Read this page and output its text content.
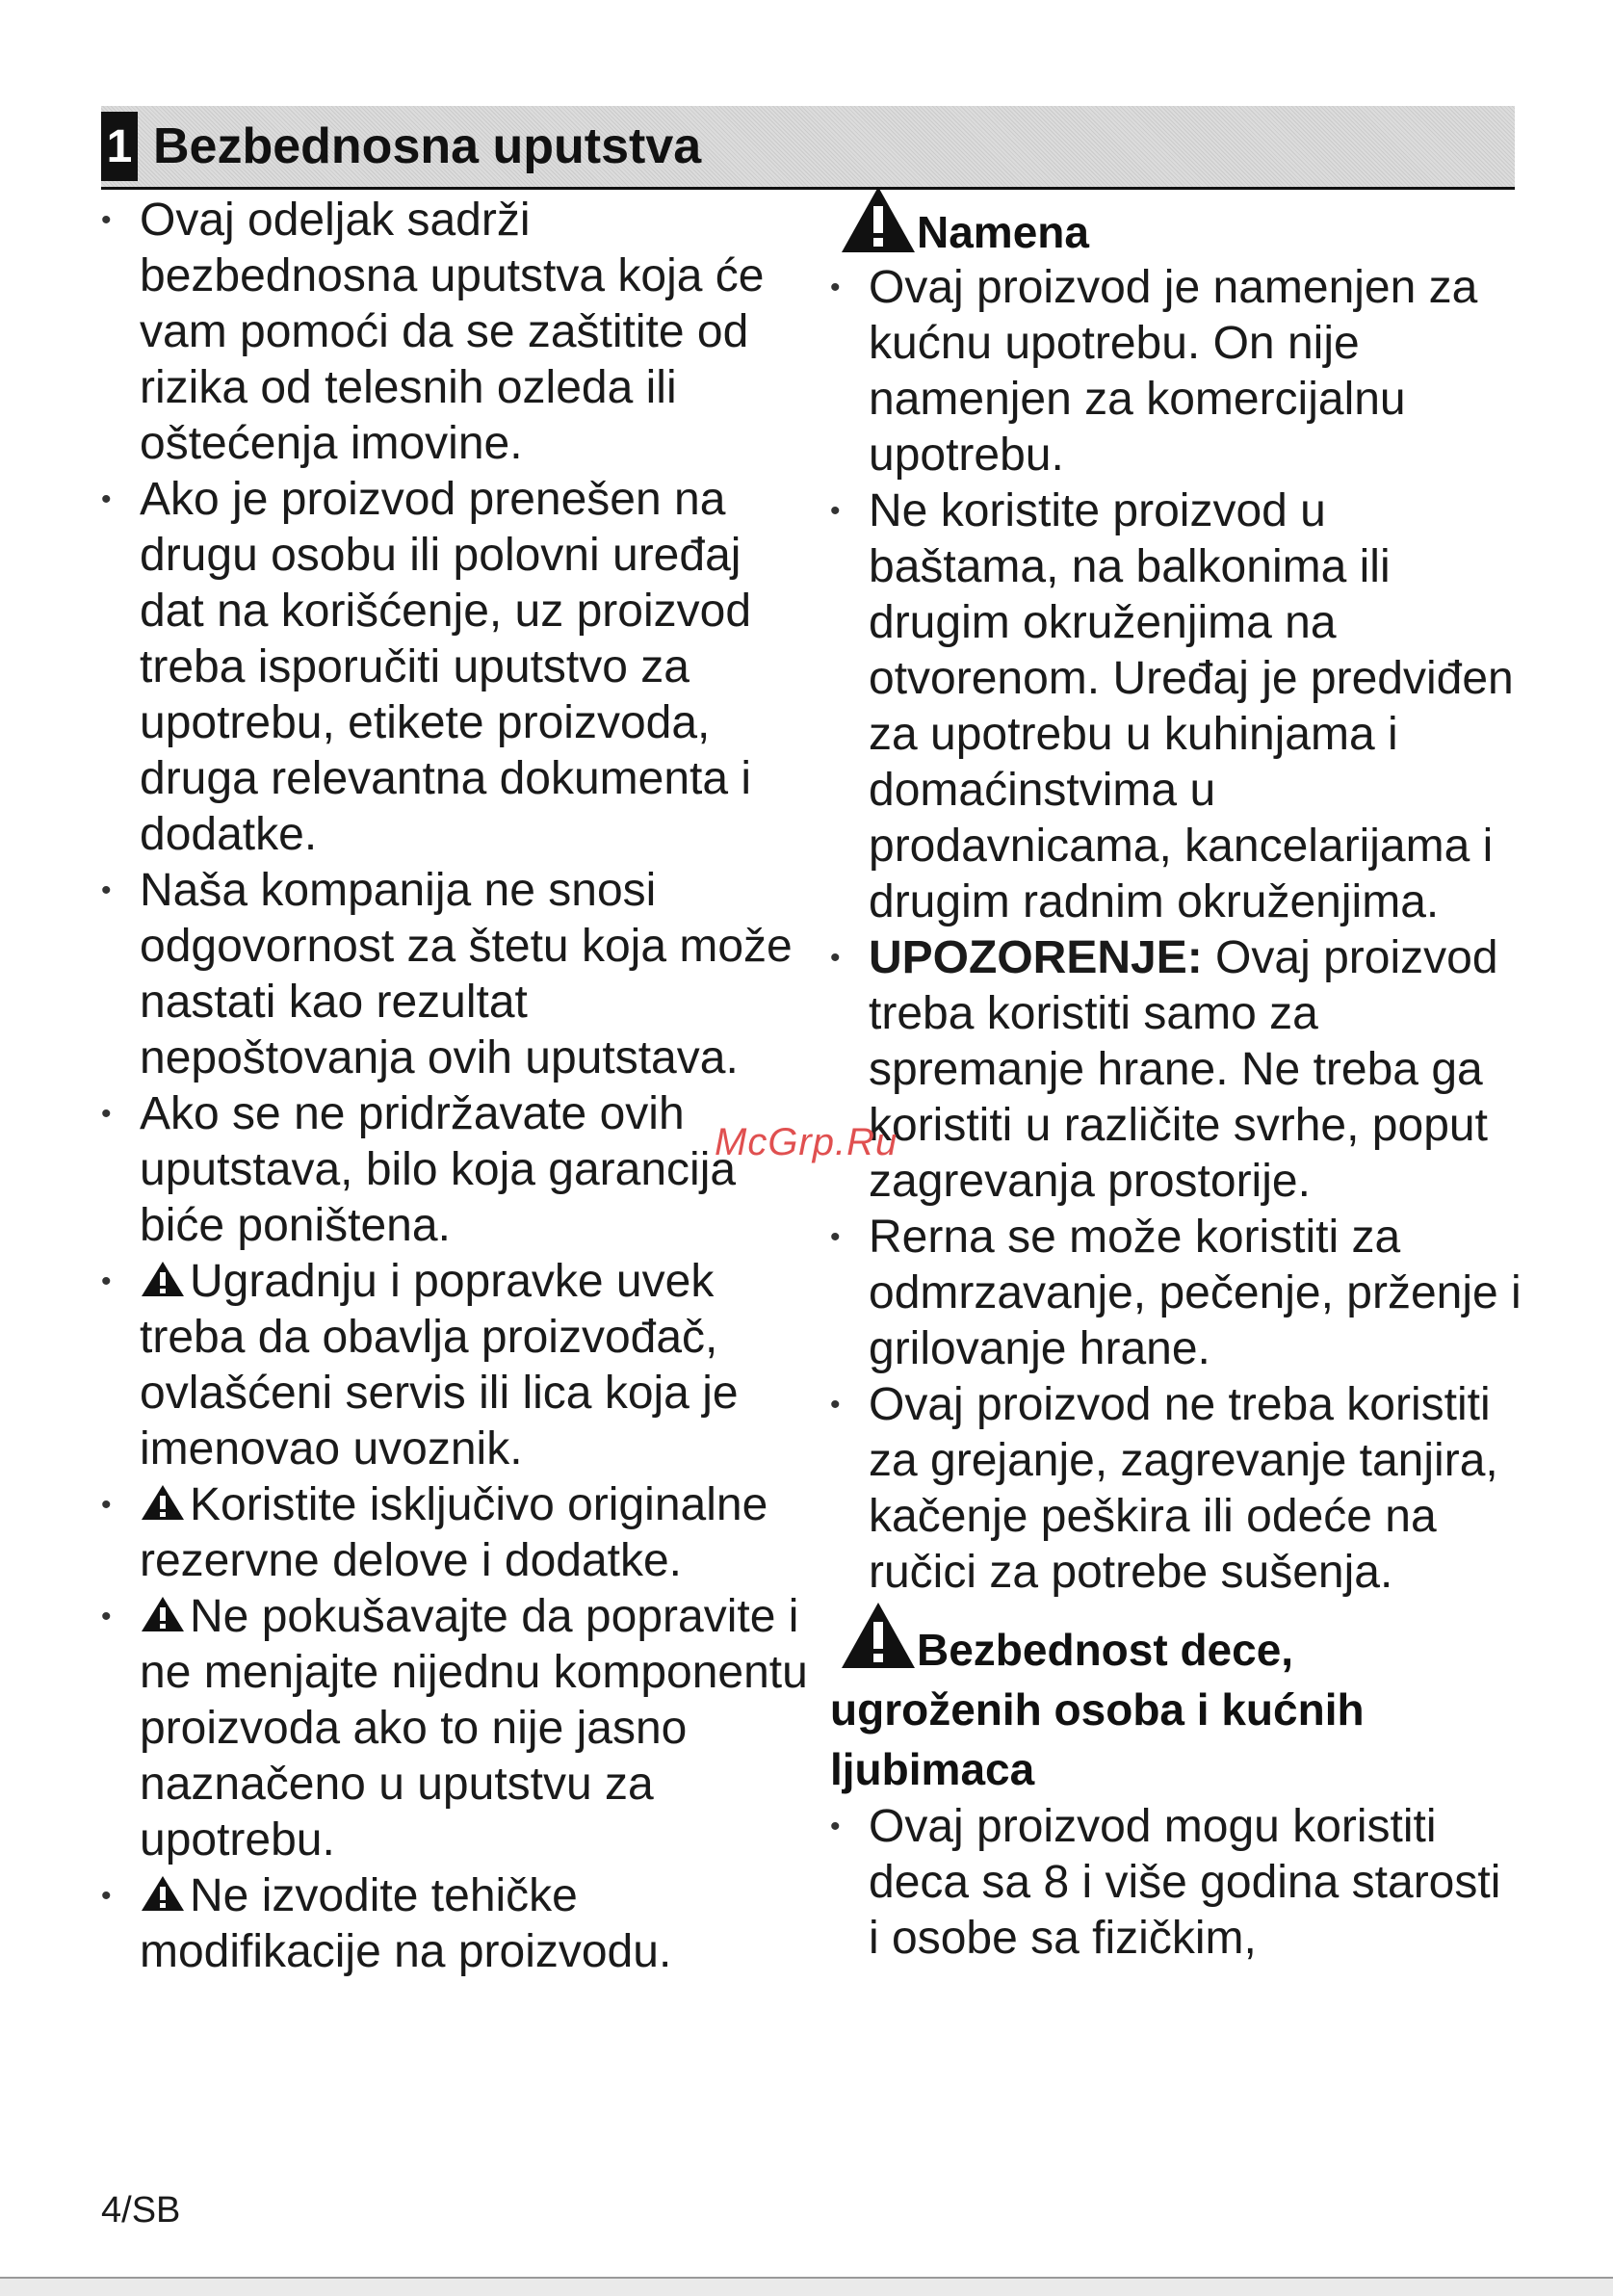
1 Bezbednosna uputstva
• Ovaj odeljak sadrži bezbednosna uputstva koja će vam pomoći da se zaštitite od rizika od telesnih ozleda ili oštećenja imovine.
• Ako je proizvod prenešen na drugu osobu ili polovni uređaj dat na korišćenje, uz proizvod treba isporučiti uputstvo za upotrebu, etikete proizvoda, druga relevantna dokumenta i dodatke.
• Naša kompanija ne snosi odgovornost za štetu koja može nastati kao rezultat nepoštovanja ovih uputstava.
• Ako se ne pridržavate ovih uputstava, bilo koja garancija biće poništena.
• Ugradnju i popravke uvek treba da obavlja proizvođač, ovlašćeni servis ili lica koja je imenovao uvoznik.
• Koristite isključivo originalne rezervne delove i dodatke.
• Ne pokušavajte da popravite i ne menjajte nijednu komponentu proizvoda ako to nije jasno naznačeno u uputstvu za upotrebu.
• Ne izvodite tehičke modifikacije na proizvodu.
Namena
• Ovaj proizvod je namenjen za kućnu upotrebu. On nije namenjen za komercijalnu upotrebu.
• Ne koristite proizvod u baštama, na balkonima ili drugim okruženjima na otvorenom. Uređaj je predviđen za upotrebu u kuhinjama i domaćinstvima u prodavnicama, kancelarijama i drugim radnim okruženjima.
• UPOZORENJE: Ovaj proizvod treba koristiti samo za spremanje hrane. Ne treba ga koristiti u različite svrhe, poput zagrevanja prostorije.
• Rerna se može koristiti za odmrzavanje, pečenje, prženje i grilovanje hrane.
• Ovaj proizvod ne treba koristiti za grejanje, zagrevanje tanjira, kačenje peškira ili odeće na ručici za potrebe sušenja.
Bezbednost dece,
ugroženih osoba i kućnih
ljubimaca
• Ovaj proizvod mogu koristiti deca sa 8 i više godina starosti i osobe sa fizičkim,
McGrp.Ru
4/SB
